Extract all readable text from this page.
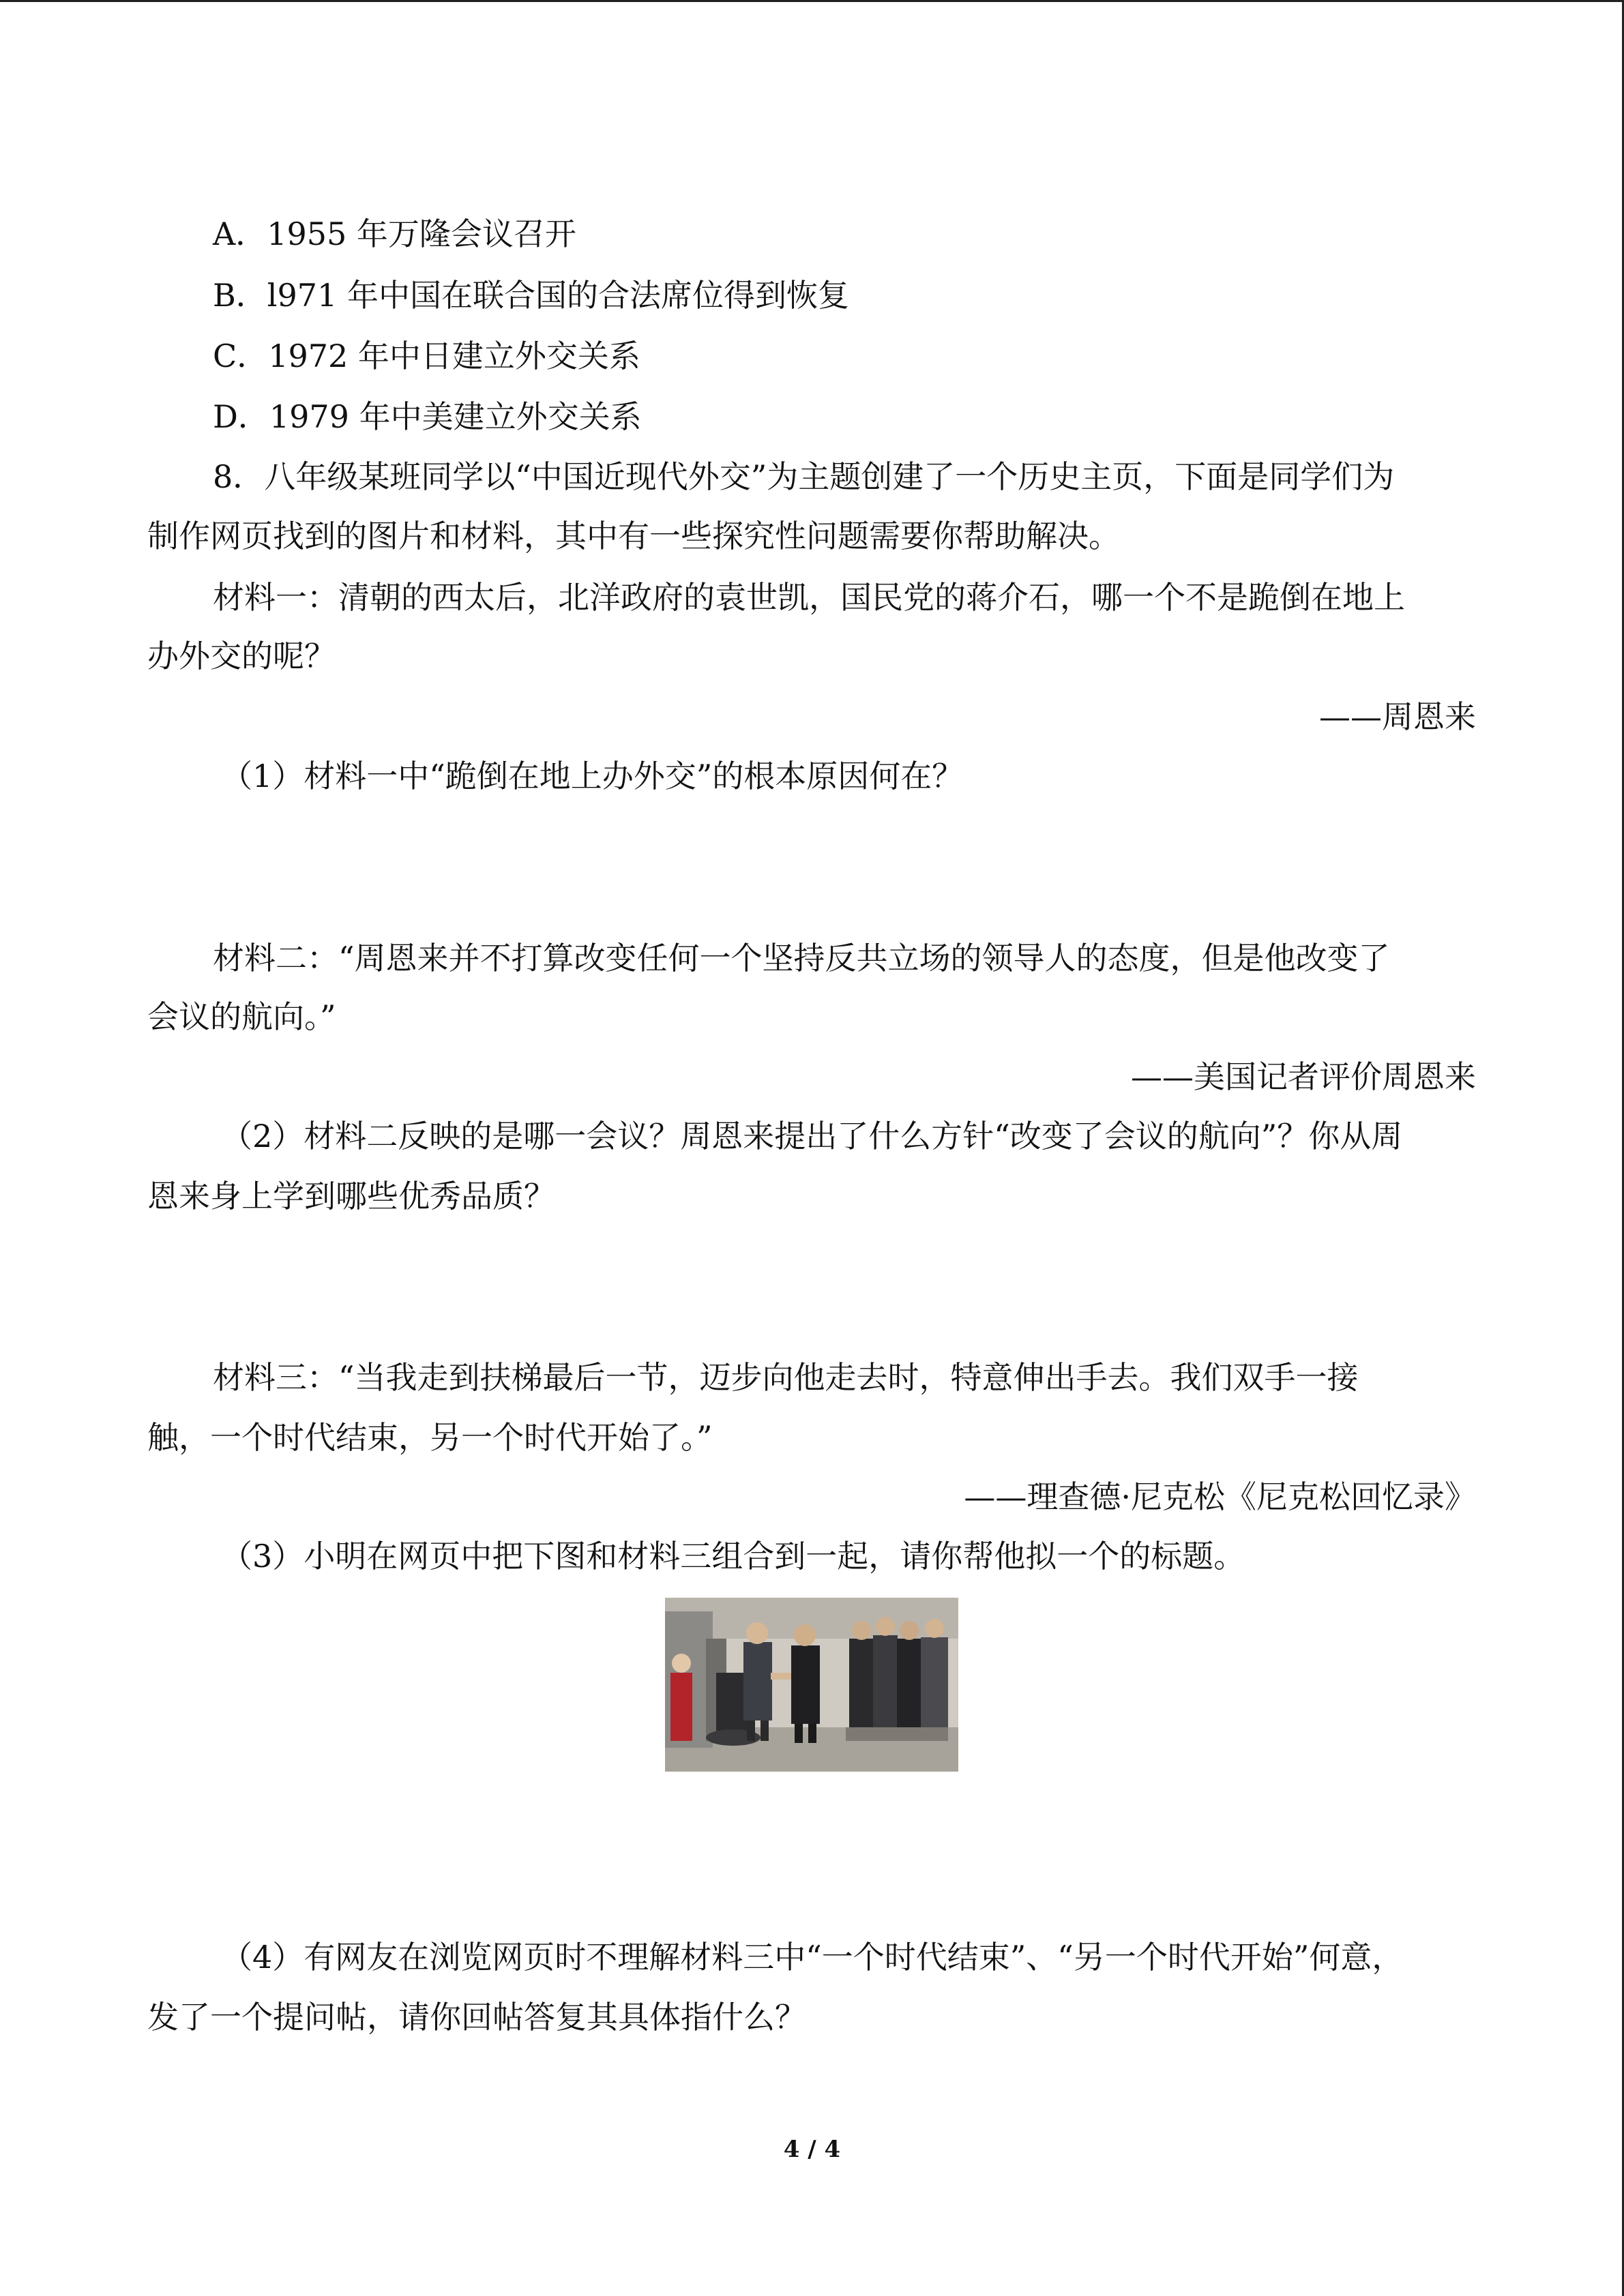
A．1955 年万隆会议召开
B．l971 年中国在联合国的合法席位得到恢复
C．1972 年中日建立外交关系
D．1979 年中美建立外交关系
8．八年级某班同学以“中国近现代外交”为主题创建了一个历史主页，下面是同学们为
制作网页找到的图片和材料，其中有一些探究性问题需要你帮助解决。
材料一：清朝的西太后，北洋政府的袁世凯，国民党的蒋介石，哪一个不是跪倒在地上
办外交的呢？
——周恩来
（1）材料一中“跪倒在地上办外交”的根本原因何在？
材料二：“周恩来并不打算改变任何一个坚持反共立场的领导人的态度，但是他改变了
会议的航向。”
——美国记者评价周恩来
（2）材料二反映的是哪一会议？周恩来提出了什么方针“改变了会议的航向”？你从周
恩来身上学到哪些优秀品质？
材料三：“当我走到扶梯最后一节，迈步向他走去时，特意伸出手去。我们双手一接
触，一个时代结束，另一个时代开始了。”
——理查德·尼克松《尼克松回忆录》
（3）小明在网页中把下图和材料三组合到一起，请你帮他拟一个的标题。
（4）有网友在浏览网页时不理解材料三中“一个时代结束”、“另一个时代开始”何意，
发了一个提问帖，请你回帖答复其具体指什么？
4 / 4
